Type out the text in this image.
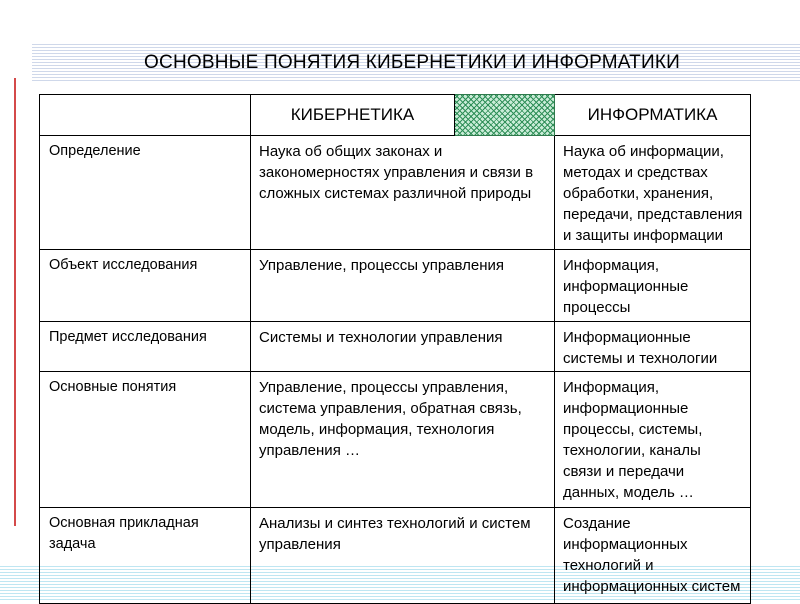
ОСНОВНЫЕ ПОНЯТИЯ КИБЕРНЕТИКИ И ИНФОРМАТИКИ
	КИБЕРНЕТИКА		ИНФОРМАТИКА
Определение	Наука об общих законах и закономерностях управления и связи в сложных системах различной природы		Наука об информации, методах и средствах обработки, хранения, передачи, представления и защиты информации
Объект исследования	Управление, процессы управления		Информация, информационные процессы
Предмет исследования	Системы и технологии управления		Информационные системы и технологии
Основные понятия	Управление, процессы управления, система управления, обратная связь, модель, информация, технология управления …		Информация, информационные процессы, системы, технологии, каналы связи и передачи данных, модель …
Основная прикладная задача	Анализы и синтез технологий и систем управления		Создание информационных технологий и информационных систем
